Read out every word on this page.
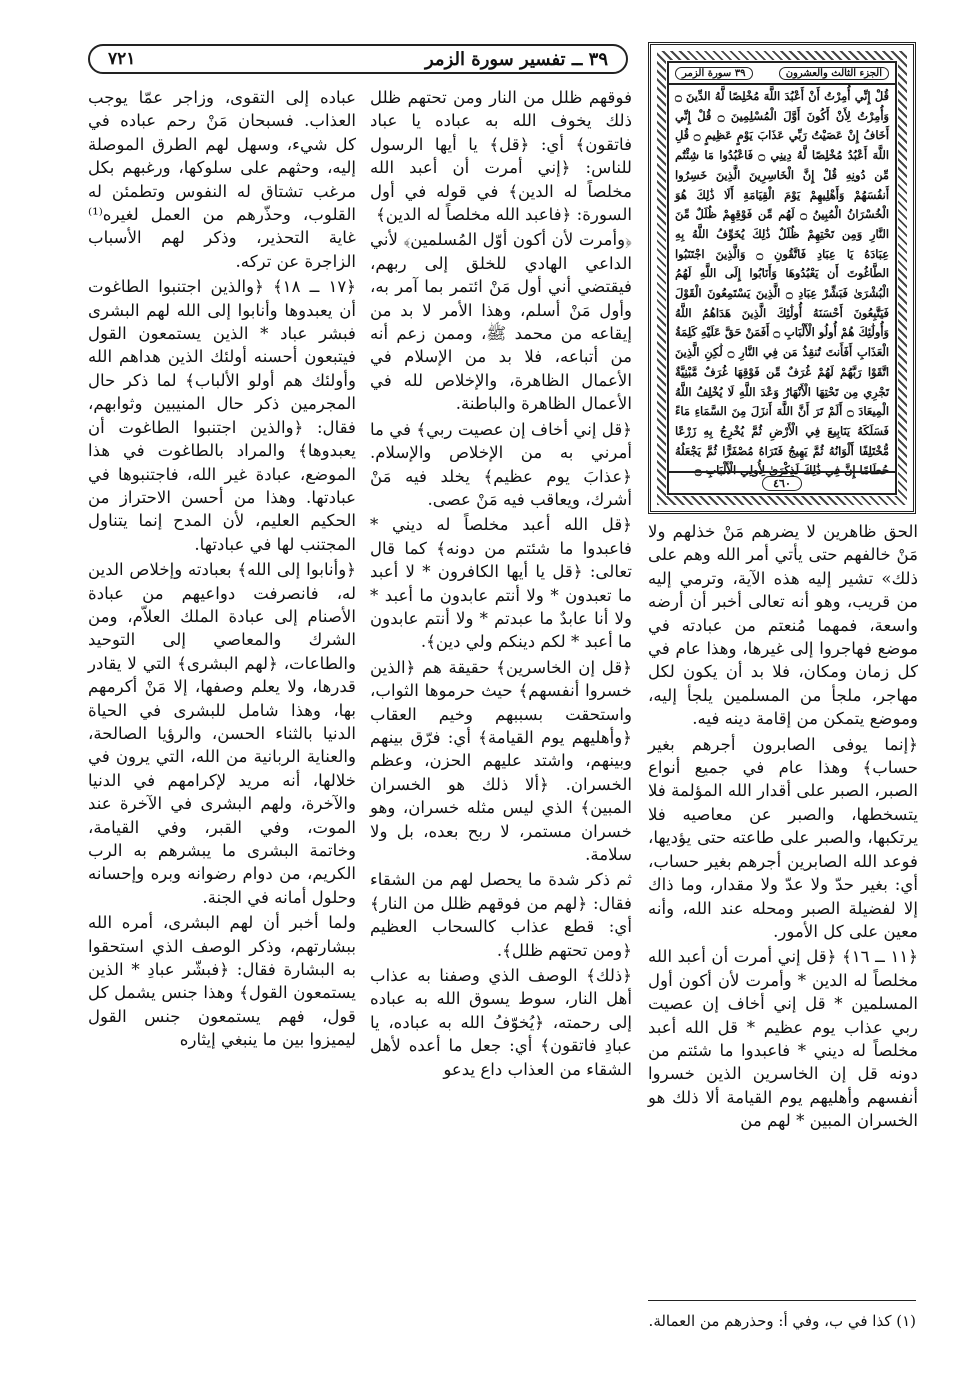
٣٩ ــ تفسير سورة الزمر
٧٢١
الجزء الثالث والعشرون
٣٩ سورة الزمر
قُلْ إِنِّي أُمِرْتُ أَنْ أَعْبُدَ اللَّهَ مُخْلِصًا لَّهُ الدِّينَ ۝ وَأُمِرْتُ لِأَنْ أَكُونَ أَوَّلَ الْمُسْلِمِينَ ۝ قُلْ إِنِّي أَخَافُ إِنْ عَصَيْتُ رَبِّي عَذَابَ يَوْمٍ عَظِيمٍ ۝ قُلِ اللَّهَ أَعْبُدُ مُخْلِصًا لَّهُ دِينِي ۝ فَاعْبُدُوا مَا شِئْتُم مِّن دُونِهِ قُلْ إِنَّ الْخَاسِرِينَ الَّذِينَ خَسِرُوا أَنفُسَهُمْ وَأَهْلِيهِمْ يَوْمَ الْقِيَامَةِ أَلَا ذَٰلِكَ هُوَ الْخُسْرَانُ الْمُبِينُ ۝ لَهُم مِّن فَوْقِهِمْ ظُلَلٌ مِّنَ النَّارِ وَمِن تَحْتِهِمْ ظُلَلٌ ذَٰلِكَ يُخَوِّفُ اللَّهُ بِهِ عِبَادَهُ يَا عِبَادِ فَاتَّقُونِ ۝ وَالَّذِينَ اجْتَنَبُوا الطَّاغُوتَ أَن يَعْبُدُوهَا وَأَنَابُوا إِلَى اللَّهِ لَهُمُ الْبُشْرَىٰ فَبَشِّرْ عِبَادِ ۝ الَّذِينَ يَسْتَمِعُونَ الْقَوْلَ فَيَتَّبِعُونَ أَحْسَنَهُ أُولَٰئِكَ الَّذِينَ هَدَاهُمُ اللَّهُ وَأُولَٰئِكَ هُمْ أُولُو الْأَلْبَابِ ۝ أَفَمَنْ حَقَّ عَلَيْهِ كَلِمَةُ الْعَذَابِ أَفَأَنتَ تُنقِذُ مَن فِي النَّارِ ۝ لَٰكِنِ الَّذِينَ اتَّقَوْا رَبَّهُمْ لَهُمْ غُرَفٌ مِّن فَوْقِهَا غُرَفٌ مَّبْنِيَّةٌ تَجْرِي مِن تَحْتِهَا الْأَنْهَارُ وَعْدَ اللَّهِ لَا يُخْلِفُ اللَّهُ الْمِيعَادَ ۝ أَلَمْ تَرَ أَنَّ اللَّهَ أَنزَلَ مِنَ السَّمَاءِ مَاءً فَسَلَكَهُ يَنَابِيعَ فِي الْأَرْضِ ثُمَّ يُخْرِجُ بِهِ زَرْعًا مُّخْتَلِفًا أَلْوَانُهُ ثُمَّ يَهِيجُ فَتَرَاهُ مُصْفَرًّا ثُمَّ يَجْعَلُهُ حُطَامًا إِنَّ فِي ذَٰلِكَ لَذِكْرَىٰ لِأُولِي الْأَلْبَابِ ۝
٤٦٠

الحق ظاهرين لا يضرهم مَنْ خذلهم ولا مَنْ خالفهم حتى يأتي أمر الله وهم على ذلك» تشير إليه هذه الآية، وترمي إليه من قريب، وهو أنه تعالى أخبر أن أرضه واسعة، فمهما مُنعتم من عبادته في موضع فهاجروا إلى غيرها، وهذا عام في كل زمان ومكان، فلا بد أن يكون لكل مهاجر، ملجأ من المسلمين يلجأ إليه، وموضع يتمكن من إقامة دينه فيه.

﴿إنما يوفى الصابرون أجرهم بغير حساب﴾ وهذا عام في جميع أنواع الصبر، الصبر على أقدار الله المؤلمة فلا يتسخطها، والصبر عن معاصيه فلا يرتكبها، والصبر على طاعته حتى يؤديها، فوعد الله الصابرين أجرهم بغير حساب، أي: بغير حدّ ولا عدّ ولا مقدار، وما ذاك إلا لفضيلة الصبر ومحله عند الله، وأنه معين على كل الأمور.

﴿١١ ــ ١٦﴾ ﴿قل إني أمرت أن أعبد الله مخلصاً له الدين * وأمرت لأن أكون أول المسلمين * قل إني أخاف إن عصيت ربي عذاب يوم عظيم * قل الله أعبد مخلصاً له ديني * فاعبدوا ما شئتم من دونه قل إن الخاسرين الذين خسروا أنفسهم وأهليهم يوم القيامة ألا ذلك هو الخسران المبين * لهم من

فوقهم ظلل من النار ومن تحتهم ظلل ذلك يخوف الله به عباده يا عباد فاتقون﴾ أي: ﴿قل﴾ يا أيها الرسول للناس: ﴿إني أمرت أن أعبد الله مخلصاً له الدين﴾ في قوله في أول السورة: ﴿فاعبد الله مخلصاً له الدين﴾

﴿وأمرت لأن أكون أوّل المُسلمين﴾ لأني الداعي الهادي للخلق إلى ربهم، فيقتضي أني أول مَنْ ائتمر بما آمر به، وأول مَنْ أسلم، وهذا الأمر لا بد من إيقاعه من محمد ﷺ، وممن زعم أنه من أتباعه، فلا بد من الإسلام في الأعمال الظاهرة، والإخلاص لله في الأعمال الظاهرة والباطنة.

﴿قل إني أخاف إن عصيت ربي﴾ في ما أمرني به من الإخلاص والإسلام. ﴿عذابَ يوم عظيم﴾ يخلد فيه مَنْ أشرك، ويعاقب فيه مَنْ عصى.

﴿قل الله أعبد مخلصاً له ديني * فاعبدوا ما شئتم من دونه﴾ كما قال تعالى: ﴿قل يا أيها الكافرون * لا أعبد ما تعبدون * ولا أنتم عابدون ما أعبد * ولا أنا عابدٌ ما عبدتم * ولا أنتم عابدون ما أعبد * لكم دينكم ولي دين﴾.

﴿قل إن الخاسرين﴾ حقيقة هم ﴿الذين خسروا أنفسهم﴾ حيث حرموها الثواب، واستحقت بسببهم وخيم العقاب ﴿وأهليهم يوم القيامة﴾ أي: فرّق بينهم وبينهم، واشتد عليهم الحزن، وعظم الخسران. ﴿ألا ذلك هو الخسران المبين﴾ الذي ليس مثله خسران، وهو خسران مستمر، لا ربح بعده، بل ولا سلامة.

ثم ذكر شدة ما يحصل لهم من الشقاء فقال: ﴿لهم من فوقهم ظلل من النار﴾ أي: قطع عذاب كالسحاب العظيم ﴿ومن تحتهم ظلل﴾.

﴿ذلك﴾ الوصف الذي وصفنا به عذاب أهل النار، سوط يسوق الله به عباده إلى رحمته، ﴿يُخوّفُ الله به عباده، يا عبادِ فاتقون﴾ أي: جعل ما أعده لأهل الشقاء من العذاب داع يدعو

عباده إلى التقوى، وزاجر عمّا يوجب العذاب. فسبحان مَنْ رحم عباده في كل شيء، وسهل لهم الطرق الموصلة إليه، وحثهم على سلوكها، ورغبهم بكل مرغب تشتاق له النفوس وتطمئن له القلوب، وحذّرهم من العمل لغيره⁽¹⁾ غاية التحذير، وذكر لهم الأسباب الزاجرة عن تركه.

﴿١٧ ــ ١٨﴾ ﴿والذين اجتنبوا الطاغوت أن يعبدوها وأنابوا إلى الله لهم البشرى فبشر عباد * الذين يستمعون القول فيتبعون أحسنه أولئك الذين هداهم الله وأولئك هم أولو الألباب﴾ لما ذكر حال المجرمين ذكر حال المنيبين وثوابهم، فقال: ﴿والذين اجتنبوا الطاغوت أن يعبدوها﴾ والمراد بالطاغوت في هذا الموضع، عبادة غير الله، فاجتنبوها في عبادتها. وهذا من أحسن الاحتراز من الحكيم العليم، لأن المدح إنما يتناول المجتنب لها في عبادتها.

﴿وأنابوا إلى الله﴾ بعبادته وإخلاص الدين له، فانصرفت دواعيهم من عبادة الأصنام إلى عبادة الملك العلاّم، ومن الشرك والمعاصي إلى التوحيد والطاعات، ﴿لهم البشرى﴾ التي لا يقادر قدرها، ولا يعلم وصفها، إلا مَنْ أكرمهم بها، وهذا شامل للبشرى في الحياة الدنيا بالثناء الحسن، والرؤيا الصالحة، والعناية الربانية من الله، التي يرون في خلالها، أنه مريد لإكرامهم في الدنيا والآخرة، ولهم البشرى في الآخرة عند الموت، وفي القبر، وفي القيامة، وخاتمة البشرى ما يبشرهم به الرب الكريم، من دوام رضوانه وبره وإحسانه وحلول أمانه في الجنة.

ولما أخبر أن لهم البشرى، أمره الله ببشارتهم، وذكر الوصف الذي استحقوا به البشارة فقال: ﴿فبشّر عبادِ * الذين يستمعون القول﴾ وهذا جنس يشمل كل قول، فهم يستمعون جنس القول ليميزوا بين ما ينبغي إيثاره

(١) كذا في ب، وفي أ: وحذرهم من العمالة.
